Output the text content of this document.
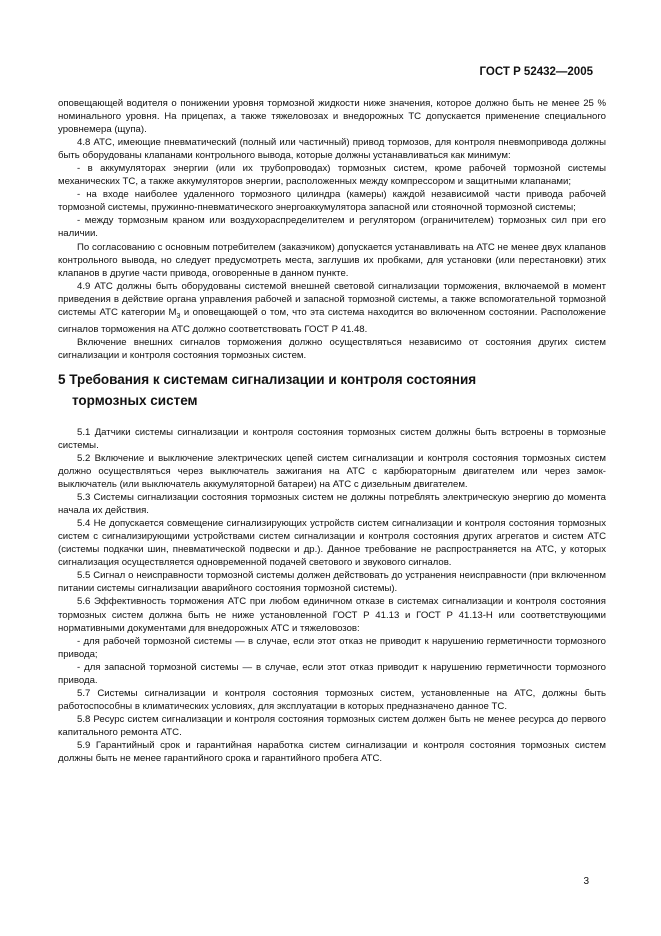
ГОСТ Р 52432—2005

оповещающей водителя о понижении уровня тормозной жидкости ниже значения, которое должно быть не менее 25 % номинального уровня. На прицепах, а также тяжеловозах и внедорожных ТС допускается применение специального уровнемера (щупа).

4.8 АТС, имеющие пневматический (полный или частичный) привод тормозов, для контроля пневмопривода должны быть оборудованы клапанами контрольного вывода, которые должны устанавливаться как минимум:

- в аккумуляторах энергии (или их трубопроводах) тормозных систем, кроме рабочей тормозной системы механических ТС, а также аккумуляторов энергии, расположенных между компрессором и защитными клапанами;

- на входе наиболее удаленного тормозного цилиндра (камеры) каждой независимой части привода рабочей тормозной системы, пружинно-пневматического энергоаккумулятора запасной или стояночной тормозной системы;

- между тормозным краном или воздухораспределителем и регулятором (ограничителем) тормозных сил при его наличии.

По согласованию с основным потребителем (заказчиком) допускается устанавливать на АТС не менее двух клапанов контрольного вывода, но следует предусмотреть места, заглушив их пробками, для установки (или перестановки) этих клапанов в другие части привода, оговоренные в данном пункте.

4.9 АТС должны быть оборудованы системой внешней световой сигнализации торможения, включаемой в момент приведения в действие органа управления рабочей и запасной тормозной системы, а также вспомогательной тормозной системы АТС категории $М_3$ и оповещающей о том, что эта система находится во включенном состоянии. Расположение сигналов торможения на АТС должно соответствовать ГОСТ Р 41.48.

Включение внешних сигналов торможения должно осуществляться независимо от состояния других систем сигнализации и контроля состояния тормозных систем.

5 Требования к системам сигнализации и контроля состояния
тормозных систем

5.1 Датчики системы сигнализации и контроля состояния тормозных систем должны быть встроены в тормозные системы.

5.2 Включение и выключение электрических цепей систем сигнализации и контроля состояния тормозных систем должно осуществляться через выключатель зажигания на АТС с карбюраторным двигателем или через замок-выключатель (или выключатель аккумуляторной батареи) на АТС с дизельным двигателем.

5.3 Системы сигнализации состояния тормозных систем не должны потреблять электрическую энергию до момента начала их действия.

5.4 Не допускается совмещение сигнализирующих устройств систем сигнализации и контроля состояния тормозных систем с сигнализирующими устройствами систем сигнализации и контроля состояния других агрегатов и систем АТС (системы подкачки шин, пневматической подвески и др.). Данное требование не распространяется на АТС, у которых сигнализация осуществляется одновременной подачей светового и звукового сигналов.

5.5 Сигнал о неисправности тормозной системы должен действовать до устранения неисправности (при включенном питании системы сигнализации аварийного состояния тормозной системы).

5.6 Эффективность торможения АТС при любом единичном отказе в системах сигнализации и контроля состояния тормозных систем должна быть не ниже установленной ГОСТ Р 41.13 и ГОСТ Р 41.13-Н или соответствующими нормативными документами для внедорожных АТС и тяжеловозов:

- для рабочей тормозной системы — в случае, если этот отказ не приводит к нарушению герметичности тормозного привода;

- для запасной тормозной системы — в случае, если этот отказ приводит к нарушению герметичности тормозного привода.

5.7 Системы сигнализации и контроля состояния тормозных систем, установленные на АТС, должны быть работоспособны в климатических условиях, для эксплуатации в которых предназначено данное ТС.

5.8 Ресурс систем сигнализации и контроля состояния тормозных систем должен быть не менее ресурса до первого капитального ремонта АТС.

5.9 Гарантийный срок и гарантийная наработка систем сигнализации и контроля состояния тормозных систем должны быть не менее гарантийного срока и гарантийного пробега АТС.

3
